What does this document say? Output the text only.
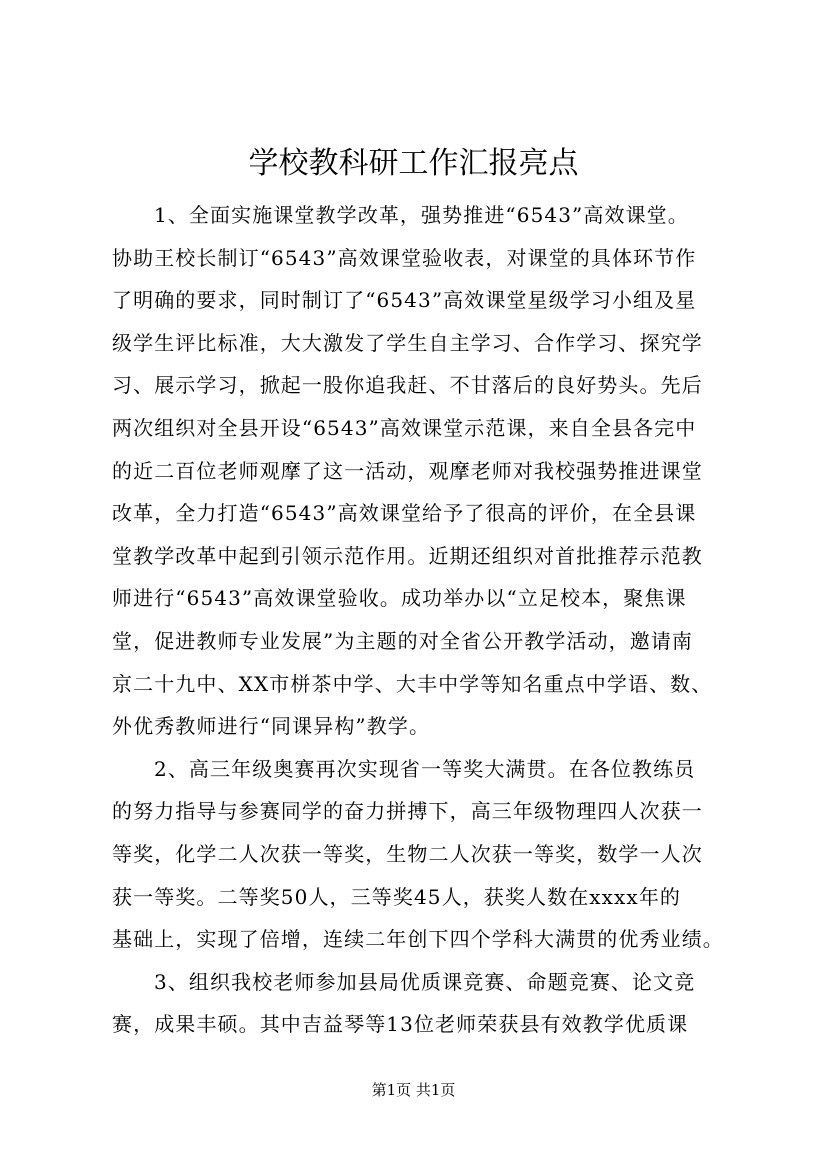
学校教科研工作汇报亮点
1、全面实施课堂教学改革，强势推进“6543”高效课堂。
协助王校长制订“6543”高效课堂验收表，对课堂的具体环节作
了明确的要求，同时制订了“6543”高效课堂星级学习小组及星
级学生评比标准，大大激发了学生自主学习、合作学习、探究学
习、展示学习，掀起一股你追我赶、不甘落后的良好势头。先后
两次组织对全县开设“6543”高效课堂示范课，来自全县各完中
的近二百位老师观摩了这一活动，观摩老师对我校强势推进课堂
改革，全力打造“6543”高效课堂给予了很高的评价，在全县课
堂教学改革中起到引领示范作用。近期还组织对首批推荐示范教
师进行“6543”高效课堂验收。成功举办以“立足校本，聚焦课
堂，促进教师专业发展”为主题的对全省公开教学活动，邀请南
京二十九中、XX市栟茶中学、大丰中学等知名重点中学语、数、
外优秀教师进行“同课异构”教学。
2、高三年级奥赛再次实现省一等奖大满贯。在各位教练员
的努力指导与参赛同学的奋力拼搏下，高三年级物理四人次获一
等奖，化学二人次获一等奖，生物二人次获一等奖，数学一人次
获一等奖。二等奖50人，三等奖45人，获奖人数在xxxx年的
基础上，实现了倍增，连续二年创下四个学科大满贯的优秀业绩。
3、组织我校老师参加县局优质课竞赛、命题竞赛、论文竞
赛，成果丰硕。其中吉益琴等13位老师荣获县有效教学优质课
第1页 共1页
